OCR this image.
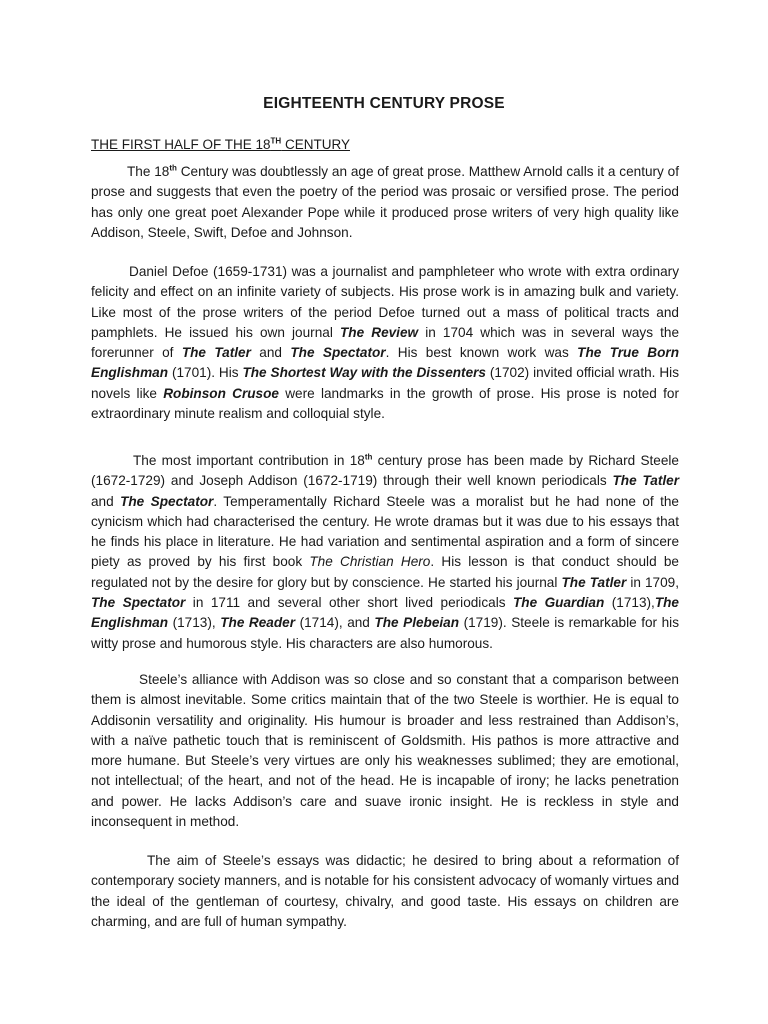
EIGHTEENTH CENTURY PROSE
THE FIRST HALF OF THE 18TH CENTURY

The 18th Century was doubtlessly an age of great prose. Matthew Arnold calls it a century of prose and suggests that even the poetry of the period was prosaic or versified prose. The period has only one great poet Alexander Pope while it produced prose writers of very high quality like Addison, Steele, Swift, Defoe and Johnson.

Daniel Defoe (1659-1731) was a journalist and pamphleteer who wrote with extra ordinary felicity and effect on an infinite variety of subjects. His prose work is in amazing bulk and variety. Like most of the prose writers of the period Defoe turned out a mass of political tracts and pamphlets. He issued his own journal The Review in 1704 which was in several ways the forerunner of The Tatler and The Spectator. His best known work was The True Born Englishman (1701). His The Shortest Way with the Dissenters (1702) invited official wrath. His novels like Robinson Crusoe were landmarks in the growth of prose. His prose is noted for extraordinary minute realism and colloquial style.

The most important contribution in 18th century prose has been made by Richard Steele (1672-1729) and Joseph Addison (1672-1719) through their well known periodicals The Tatler and The Spectator. Temperamentally Richard Steele was a moralist but he had none of the cynicism which had characterised the century. He wrote dramas but it was due to his essays that he finds his place in literature. He had variation and sentimental aspiration and a form of sincere piety as proved by his first book The Christian Hero. His lesson is that conduct should be regulated not by the desire for glory but by conscience. He started his journal The Tatler in 1709, The Spectator in 1711 and several other short lived periodicals The Guardian (1713),The Englishman (1713), The Reader (1714), and The Plebeian (1719). Steele is remarkable for his witty prose and humorous style. His characters are also humorous.

Steele’s alliance with Addison was so close and so constant that a comparison between them is almost inevitable. Some critics maintain that of the two Steele is worthier. He is equal to Addisonin versatility and originality. His humour is broader and less restrained than Addison’s, with a naïve pathetic touch that is reminiscent of Goldsmith. His pathos is more attractive and more humane. But Steele’s very virtues are only his weaknesses sublimed; they are emotional, not intellectual; of the heart, and not of the head. He is incapable of irony; he lacks penetration and power. He lacks Addison’s care and suave ironic insight. He is reckless in style and inconsequent in method.

The aim of Steele’s essays was didactic; he desired to bring about a reformation of contemporary society manners, and is notable for his consistent advocacy of womanly virtues and the ideal of the gentleman of courtesy, chivalry, and good taste. His essays on children are charming, and are full of human sympathy.
